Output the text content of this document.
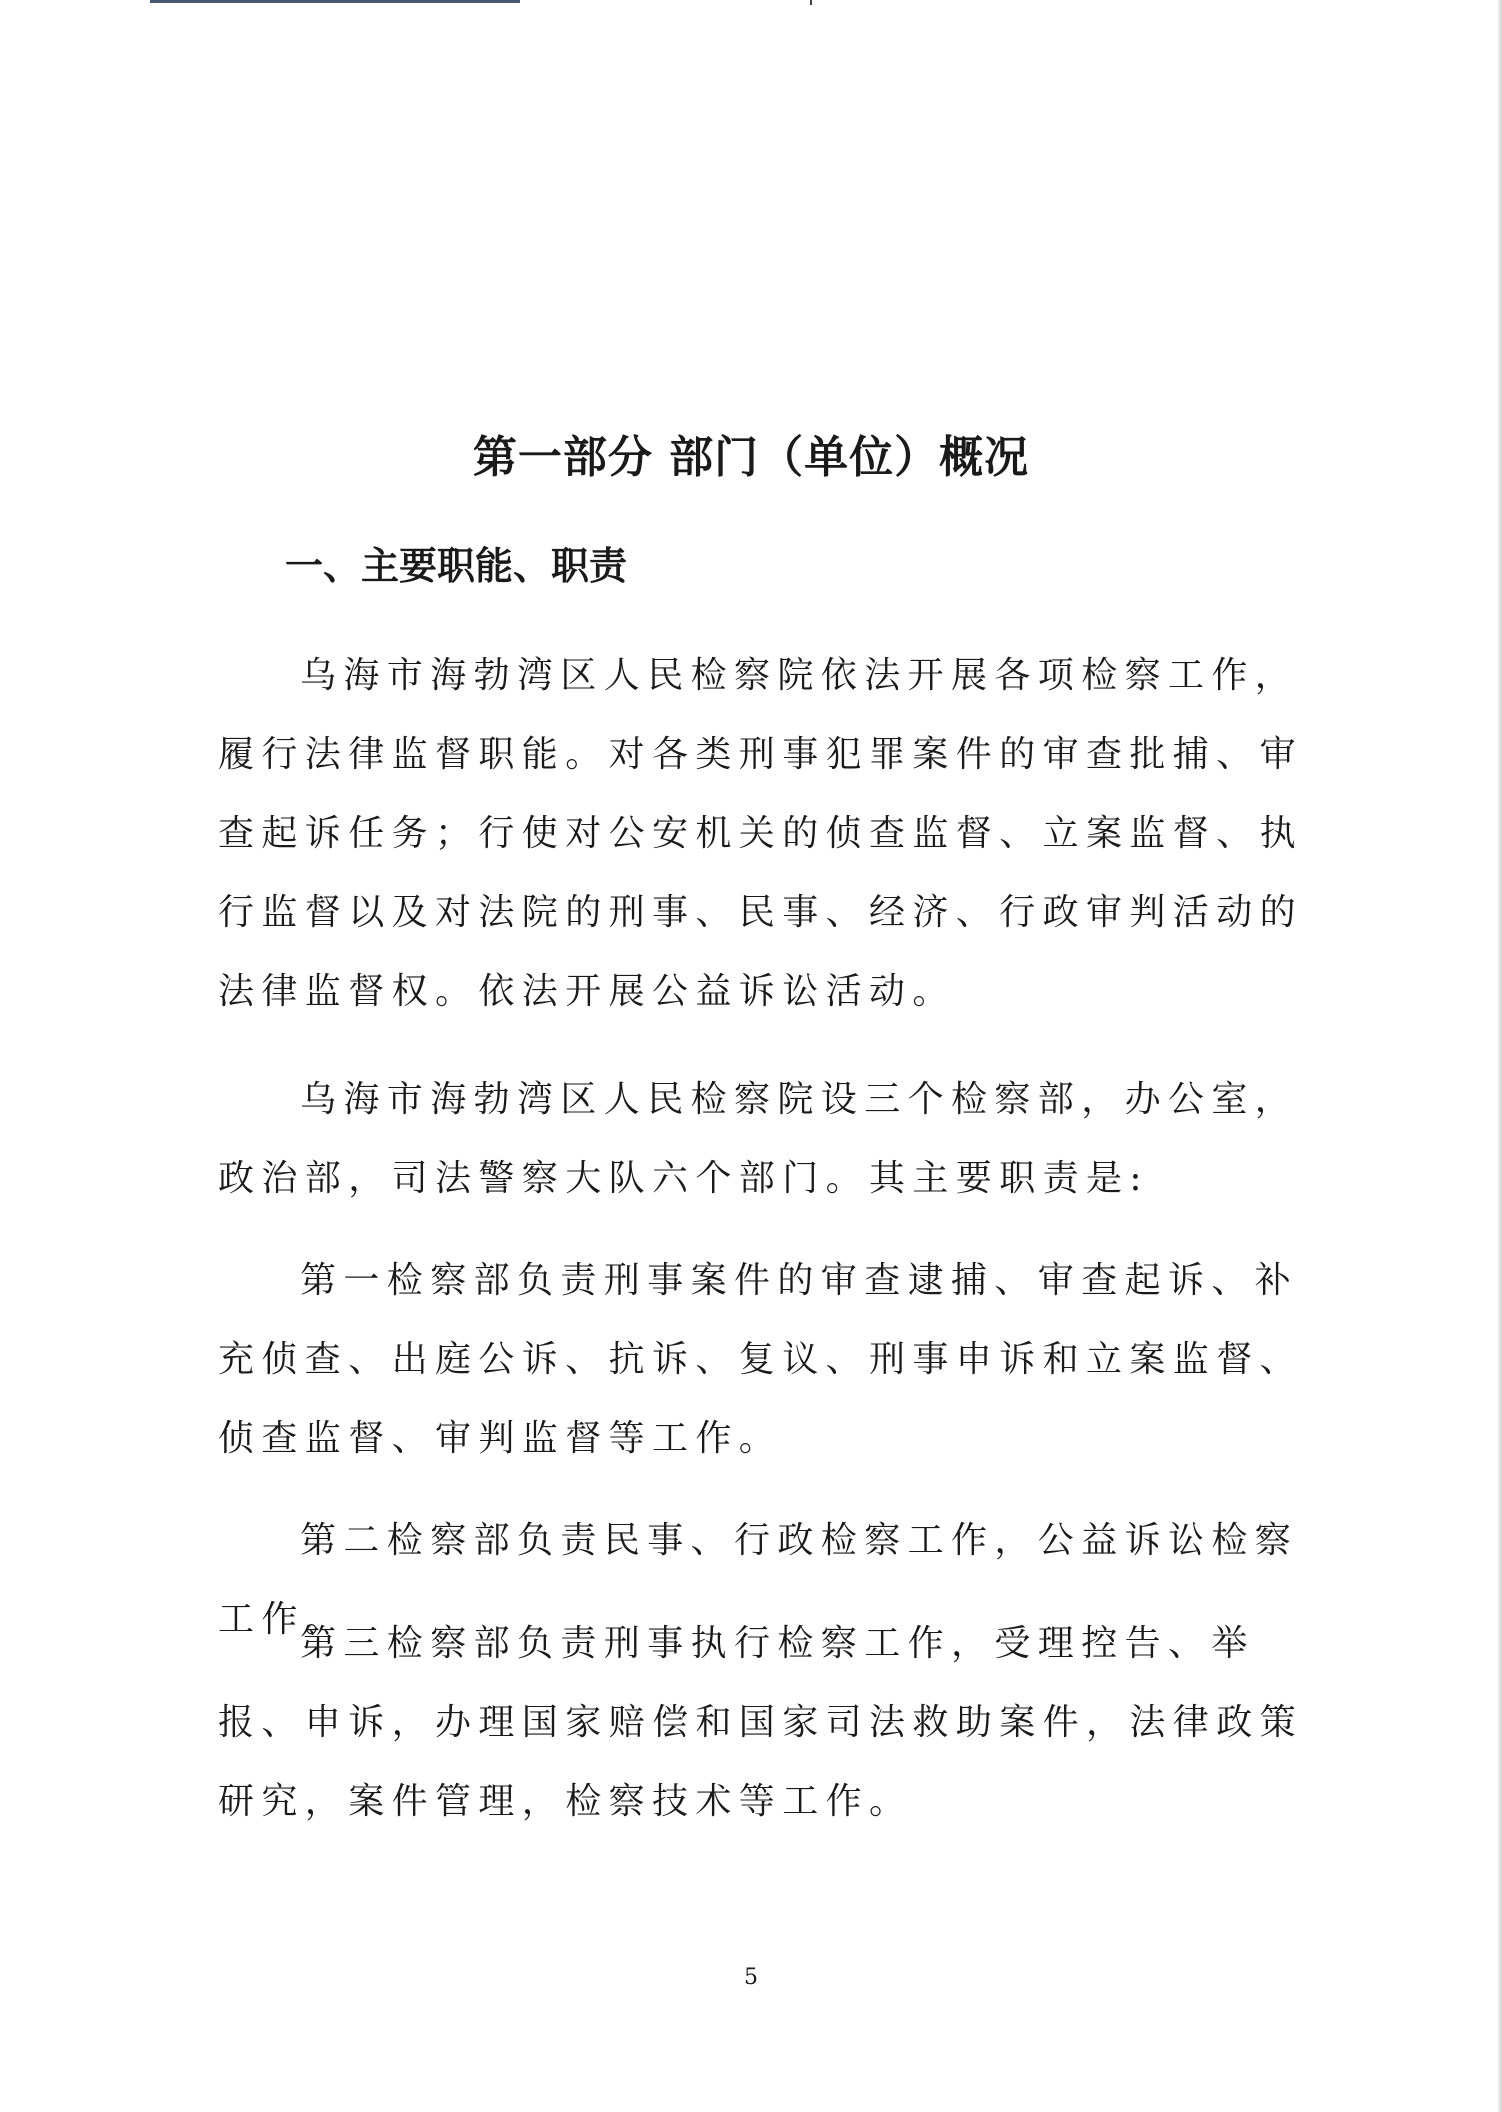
第一部分 部门（单位）概况
一、主要职能、职责

乌海市海勃湾区人民检察院依法开展各项检察工作，履行法律监督职能。对各类刑事犯罪案件的审查批捕、审查起诉任务；行使对公安机关的侦查监督、立案监督、执行监督以及对法院的刑事、民事、经济、行政审判活动的法律监督权。依法开展公益诉讼活动。

乌海市海勃湾区人民检察院设三个检察部，办公室，政治部，司法警察大队六个部门。其主要职责是:

第一检察部负责刑事案件的审查逮捕、审查起诉、补充侦查、出庭公诉、抗诉、复议、刑事申诉和立案监督、侦查监督、审判监督等工作。

第二检察部负责民事、行政检察工作，公益诉讼检察工作。

第三检察部负责刑事执行检察工作，受理控告、举报、申诉，办理国家赔偿和国家司法救助案件，法律政策研究，案件管理，检察技术等工作。

5
